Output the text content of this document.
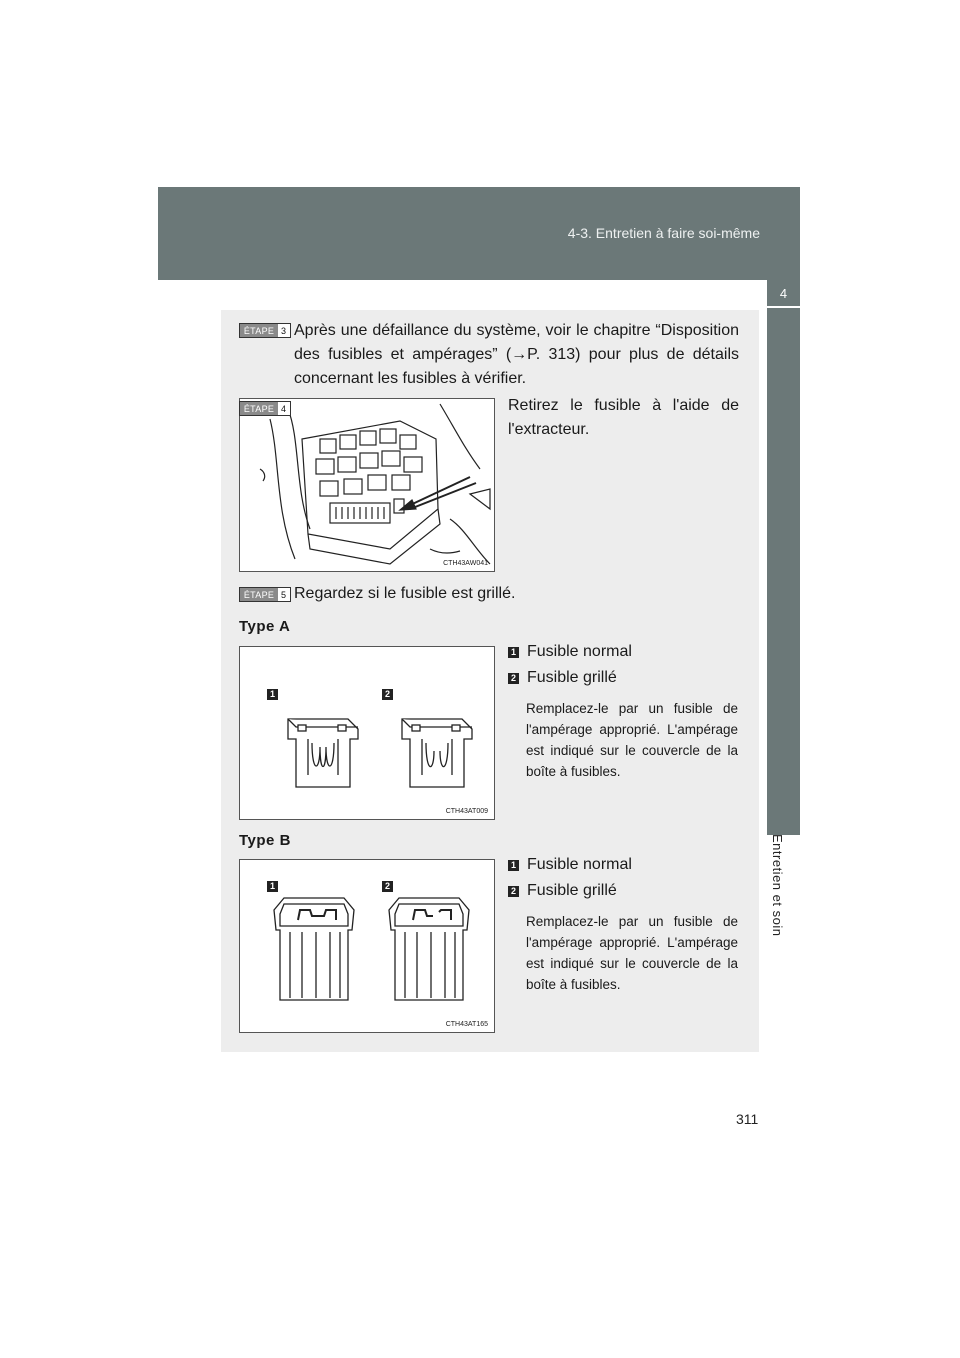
4-3. Entretien à faire soi-même
4
Entretien et soin
ÉTAPE 3 Après une défaillance du système, voir le chapitre “Disposition des fusibles et ampérages” (→P. 313) pour plus de détails concernant les fusibles à vérifier.
CTH43AW041
ÉTAPE 4	Retirez le fusible à l'aide de l'extracteur.
ÉTAPE 5 Regardez si le fusible est grillé.
Type A
1	2
CTH43AT009
1 Fusible normal
2 Fusible grillé
Remplacez-le par un fusible de l'ampérage approprié. L'ampérage est indiqué sur le couvercle de la boîte à fusibles.
Type B
1	2
CTH43AT165
1 Fusible normal
2 Fusible grillé
Remplacez-le par un fusible de l'ampérage approprié. L'ampérage est indiqué sur le couvercle de la boîte à fusibles.
311
